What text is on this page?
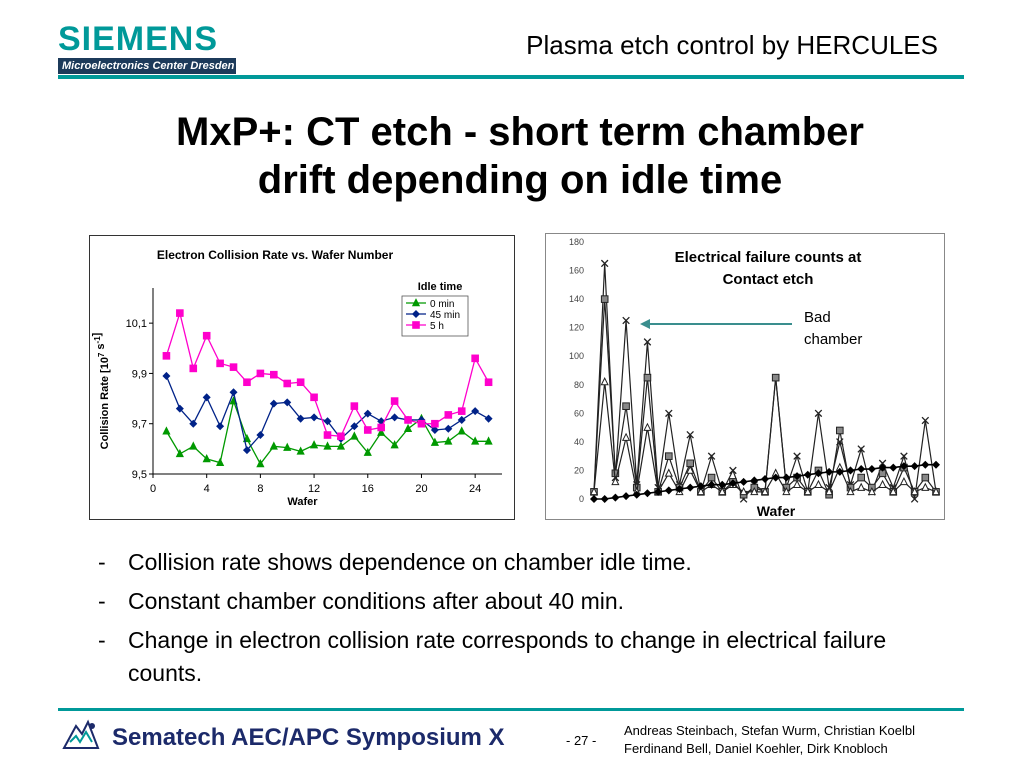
SIEMENS
Microelectronics Center Dresden
Plasma etch control by HERCULES
MxP+: CT etch - short term chamber
drift depending on idle time
Electron Collision Rate vs. Wafer Number
9,5
9,7
9,9
10,1
0	4	8	12	16	20	24
Wafer
Collision Rate [$10^7$ $s^{-1}$]
Idle time
0 min
45 min
5 h
0
20
40
60
80
100
120
140
160
180
Electrical failure counts at
Contact etch
Bad
chamber
Wafer
- Collision rate shows dependence on chamber idle time.
- Constant chamber conditions after about 40 min.
- Change in electron collision rate corresponds to change in electrical failure counts.
Sematech AEC/APC Symposium X	- 27 -
Andreas Steinbach, Stefan Wurm, Christian Koelbl
Ferdinand Bell, Daniel Koehler, Dirk Knobloch
